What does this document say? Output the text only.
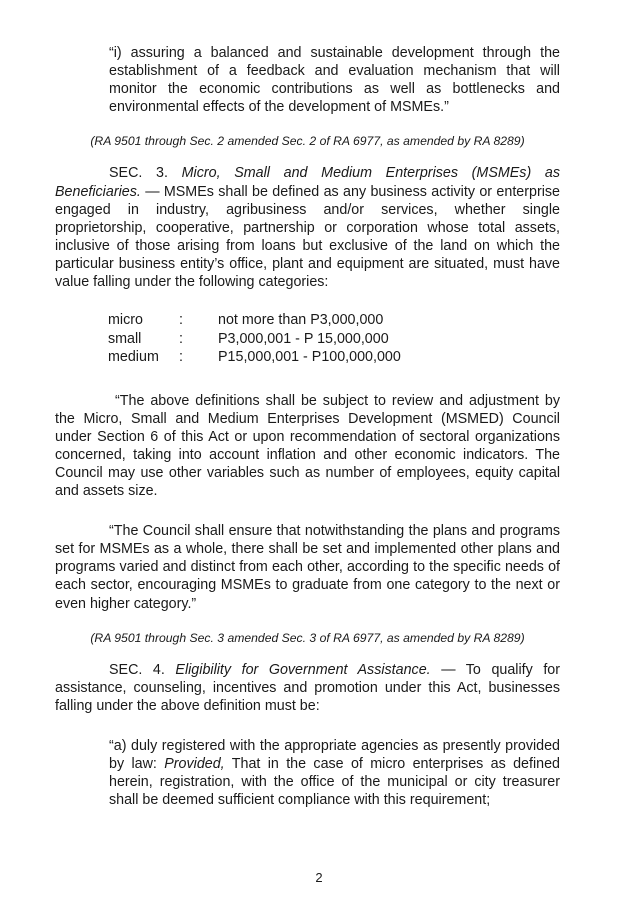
“i) assuring a balanced and sustainable development through the establishment of a feedback and evaluation mechanism that will monitor the economic contributions as well as bottlenecks and environmental effects of the development of MSMEs.”

(RA 9501 through Sec. 2 amended Sec. 2 of RA 6977, as amended by RA 8289)

SEC. 3. Micro, Small and Medium Enterprises (MSMEs) as Beneficiaries. — MSMEs shall be defined as any business activity or enterprise engaged in industry, agribusiness and/or services, whether single proprietorship, cooperative, partnership or corporation whose total assets, inclusive of those arising from loans but exclusive of the land on which the particular business entity’s office, plant and equipment are situated, must have value falling under the following categories:

micro	:	not more than P3,000,000
small	:	P3,000,001 - P 15,000,000
medium	:	P15,000,001 - P100,000,000

“The above definitions shall be subject to review and adjustment by the Micro, Small and Medium Enterprises Development (MSMED) Council under Section 6 of this Act or upon recommendation of sectoral organizations concerned, taking into account inflation and other economic indicators. The Council may use other variables such as number of employees, equity capital and assets size.

“The Council shall ensure that notwithstanding the plans and programs set for MSMEs as a whole, there shall be set and implemented other plans and programs varied and distinct from each other, according to the specific needs of each sector, encouraging MSMEs to graduate from one category to the next or even higher category.”

(RA 9501 through Sec. 3 amended Sec. 3 of RA 6977, as amended by RA 8289)

SEC. 4. Eligibility for Government Assistance. — To qualify for assistance, counseling, incentives and promotion under this Act, businesses falling under the above definition must be:

“a) duly registered with the appropriate agencies as presently provided by law: Provided, That in the case of micro enterprises as defined herein, registration, with the office of the municipal or city treasurer shall be deemed sufficient compliance with this requirement;

2
